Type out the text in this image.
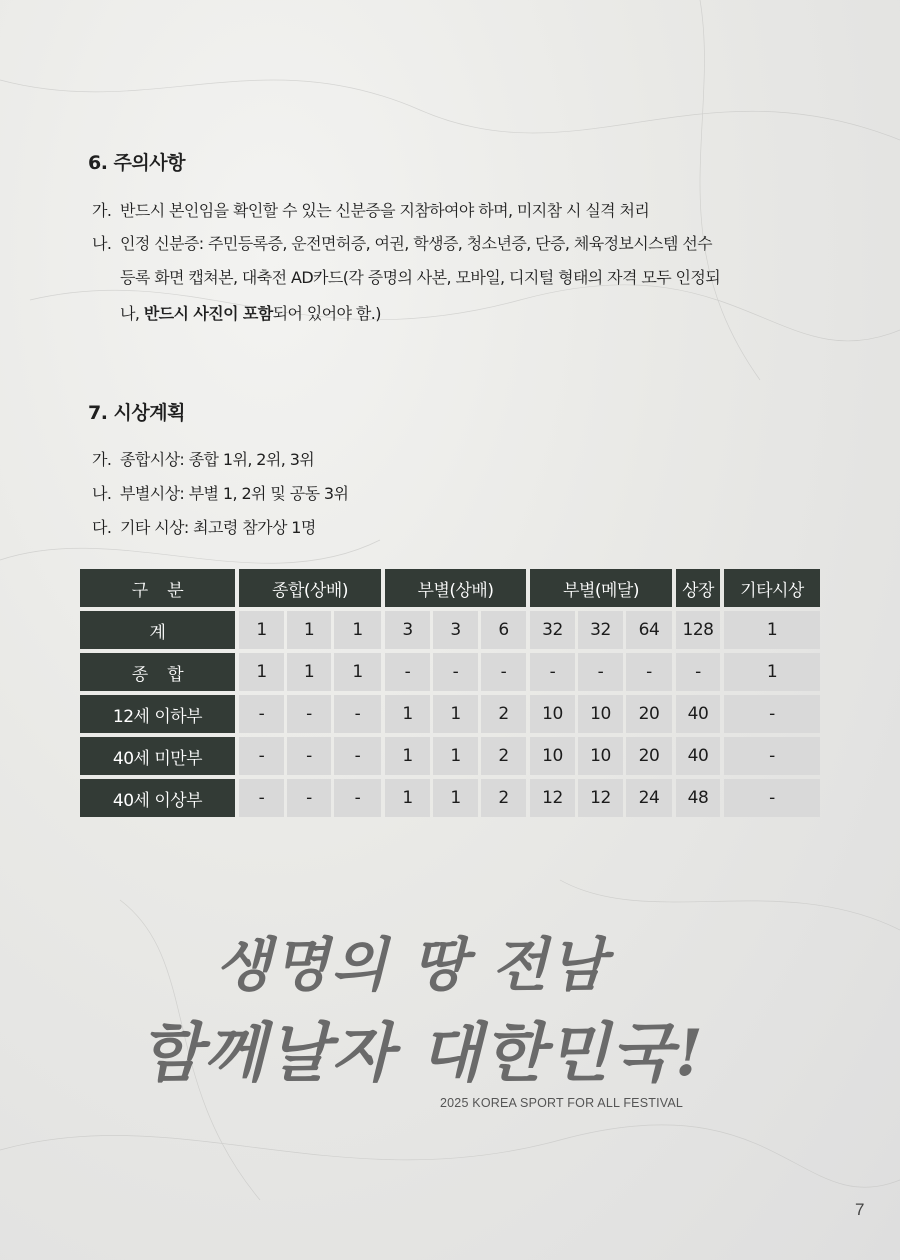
6. 주의사항
가. 반드시 본인임을 확인할 수 있는 신분증을 지참하여야 하며, 미지참 시 실격 처리
나. 인정 신분증: 주민등록증, 운전면허증, 여권, 학생증, 청소년증, 단증, 체육정보시스템 선수
등록 화면 캡쳐본, 대축전 AD카드(각 증명의 사본, 모바일, 디지털 형태의 자격 모두 인정되
나, 반드시 사진이 포함되어 있어야 함.)
7. 시상계획
가. 종합시상: 종합 1위, 2위, 3위
나. 부별시상: 부별 1, 2위 및 공동 3위
다. 기타 시상: 최고령 참가상 1명
구    분	종합(상배)	부별(상배)	부별(메달)	상장	기타시상
계	1	1	1	3	3	6	32	32	64	128	1
종    합	1	1	1	-	-	-	-	-	-	-	1
12세 이하부	-	-	-	1	1	2	10	10	20	40	-
40세 미만부	-	-	-	1	1	2	10	10	20	40	-
40세 이상부	-	-	-	1	1	2	12	12	24	48	-
생명의 땅 전남
함께날자 대한민국!
2025 KOREA SPORT FOR ALL FESTIVAL
7
